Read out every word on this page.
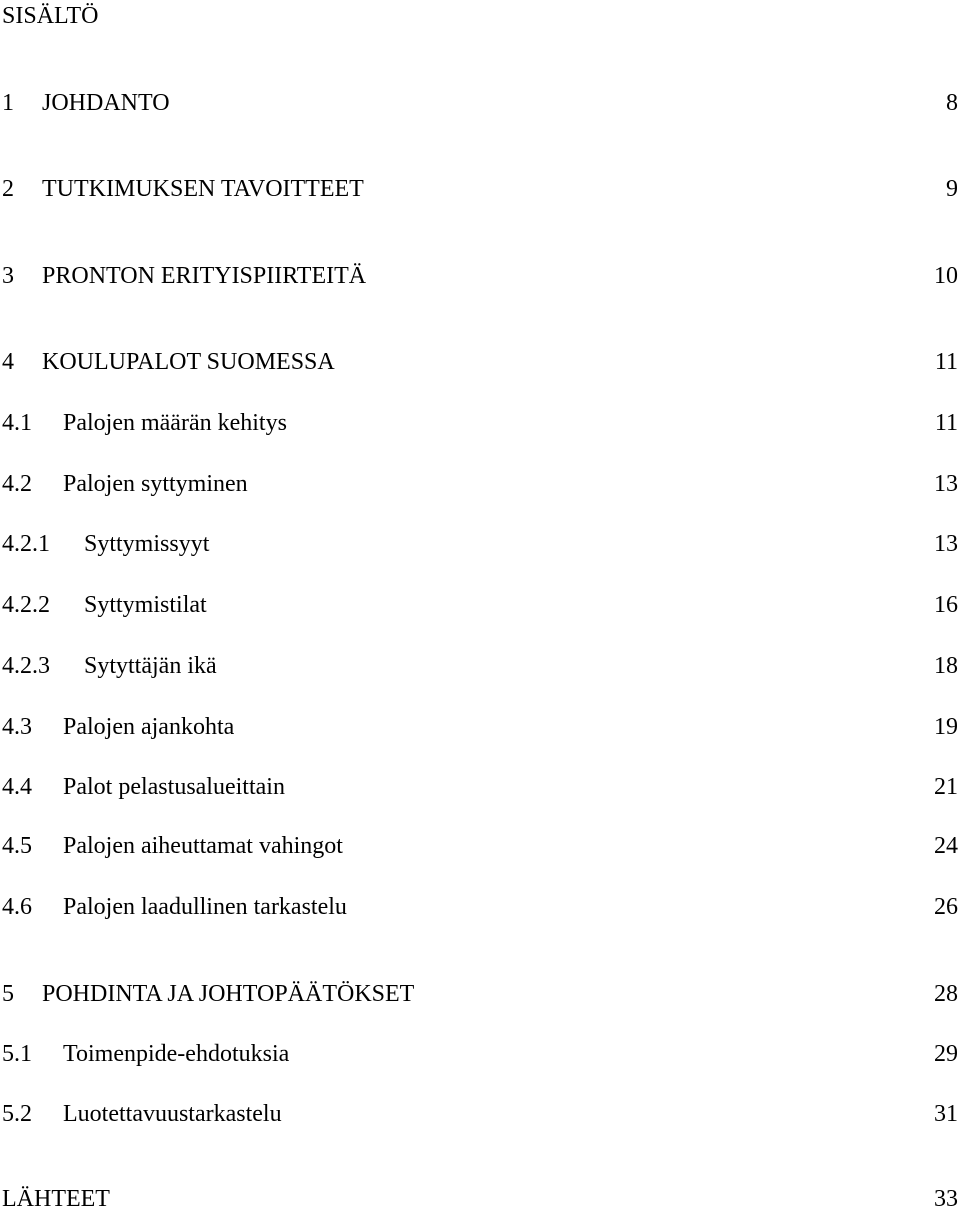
SISÄLTÖ
1 JOHDANTO	8
2 TUTKIMUKSEN TAVOITTEET	9
3 PRONTON ERITYISPIIRTEITÄ	10
4 KOULUPALOT SUOMESSA	11
4.1 Palojen määrän kehitys	11
4.2 Palojen syttyminen	13
4.2.1 Syttymissyyt	13
4.2.2 Syttymistilat	16
4.2.3 Sytyttäjän ikä	18
4.3 Palojen ajankohta	19
4.4 Palot pelastusalueittain	21
4.5 Palojen aiheuttamat vahingot	24
4.6 Palojen laadullinen tarkastelu	26
5 POHDINTA JA JOHTOPÄÄTÖKSET	28
5.1 Toimenpide-ehdotuksia	29
5.2 Luotettavuustarkastelu	31
LÄHTEET	33
